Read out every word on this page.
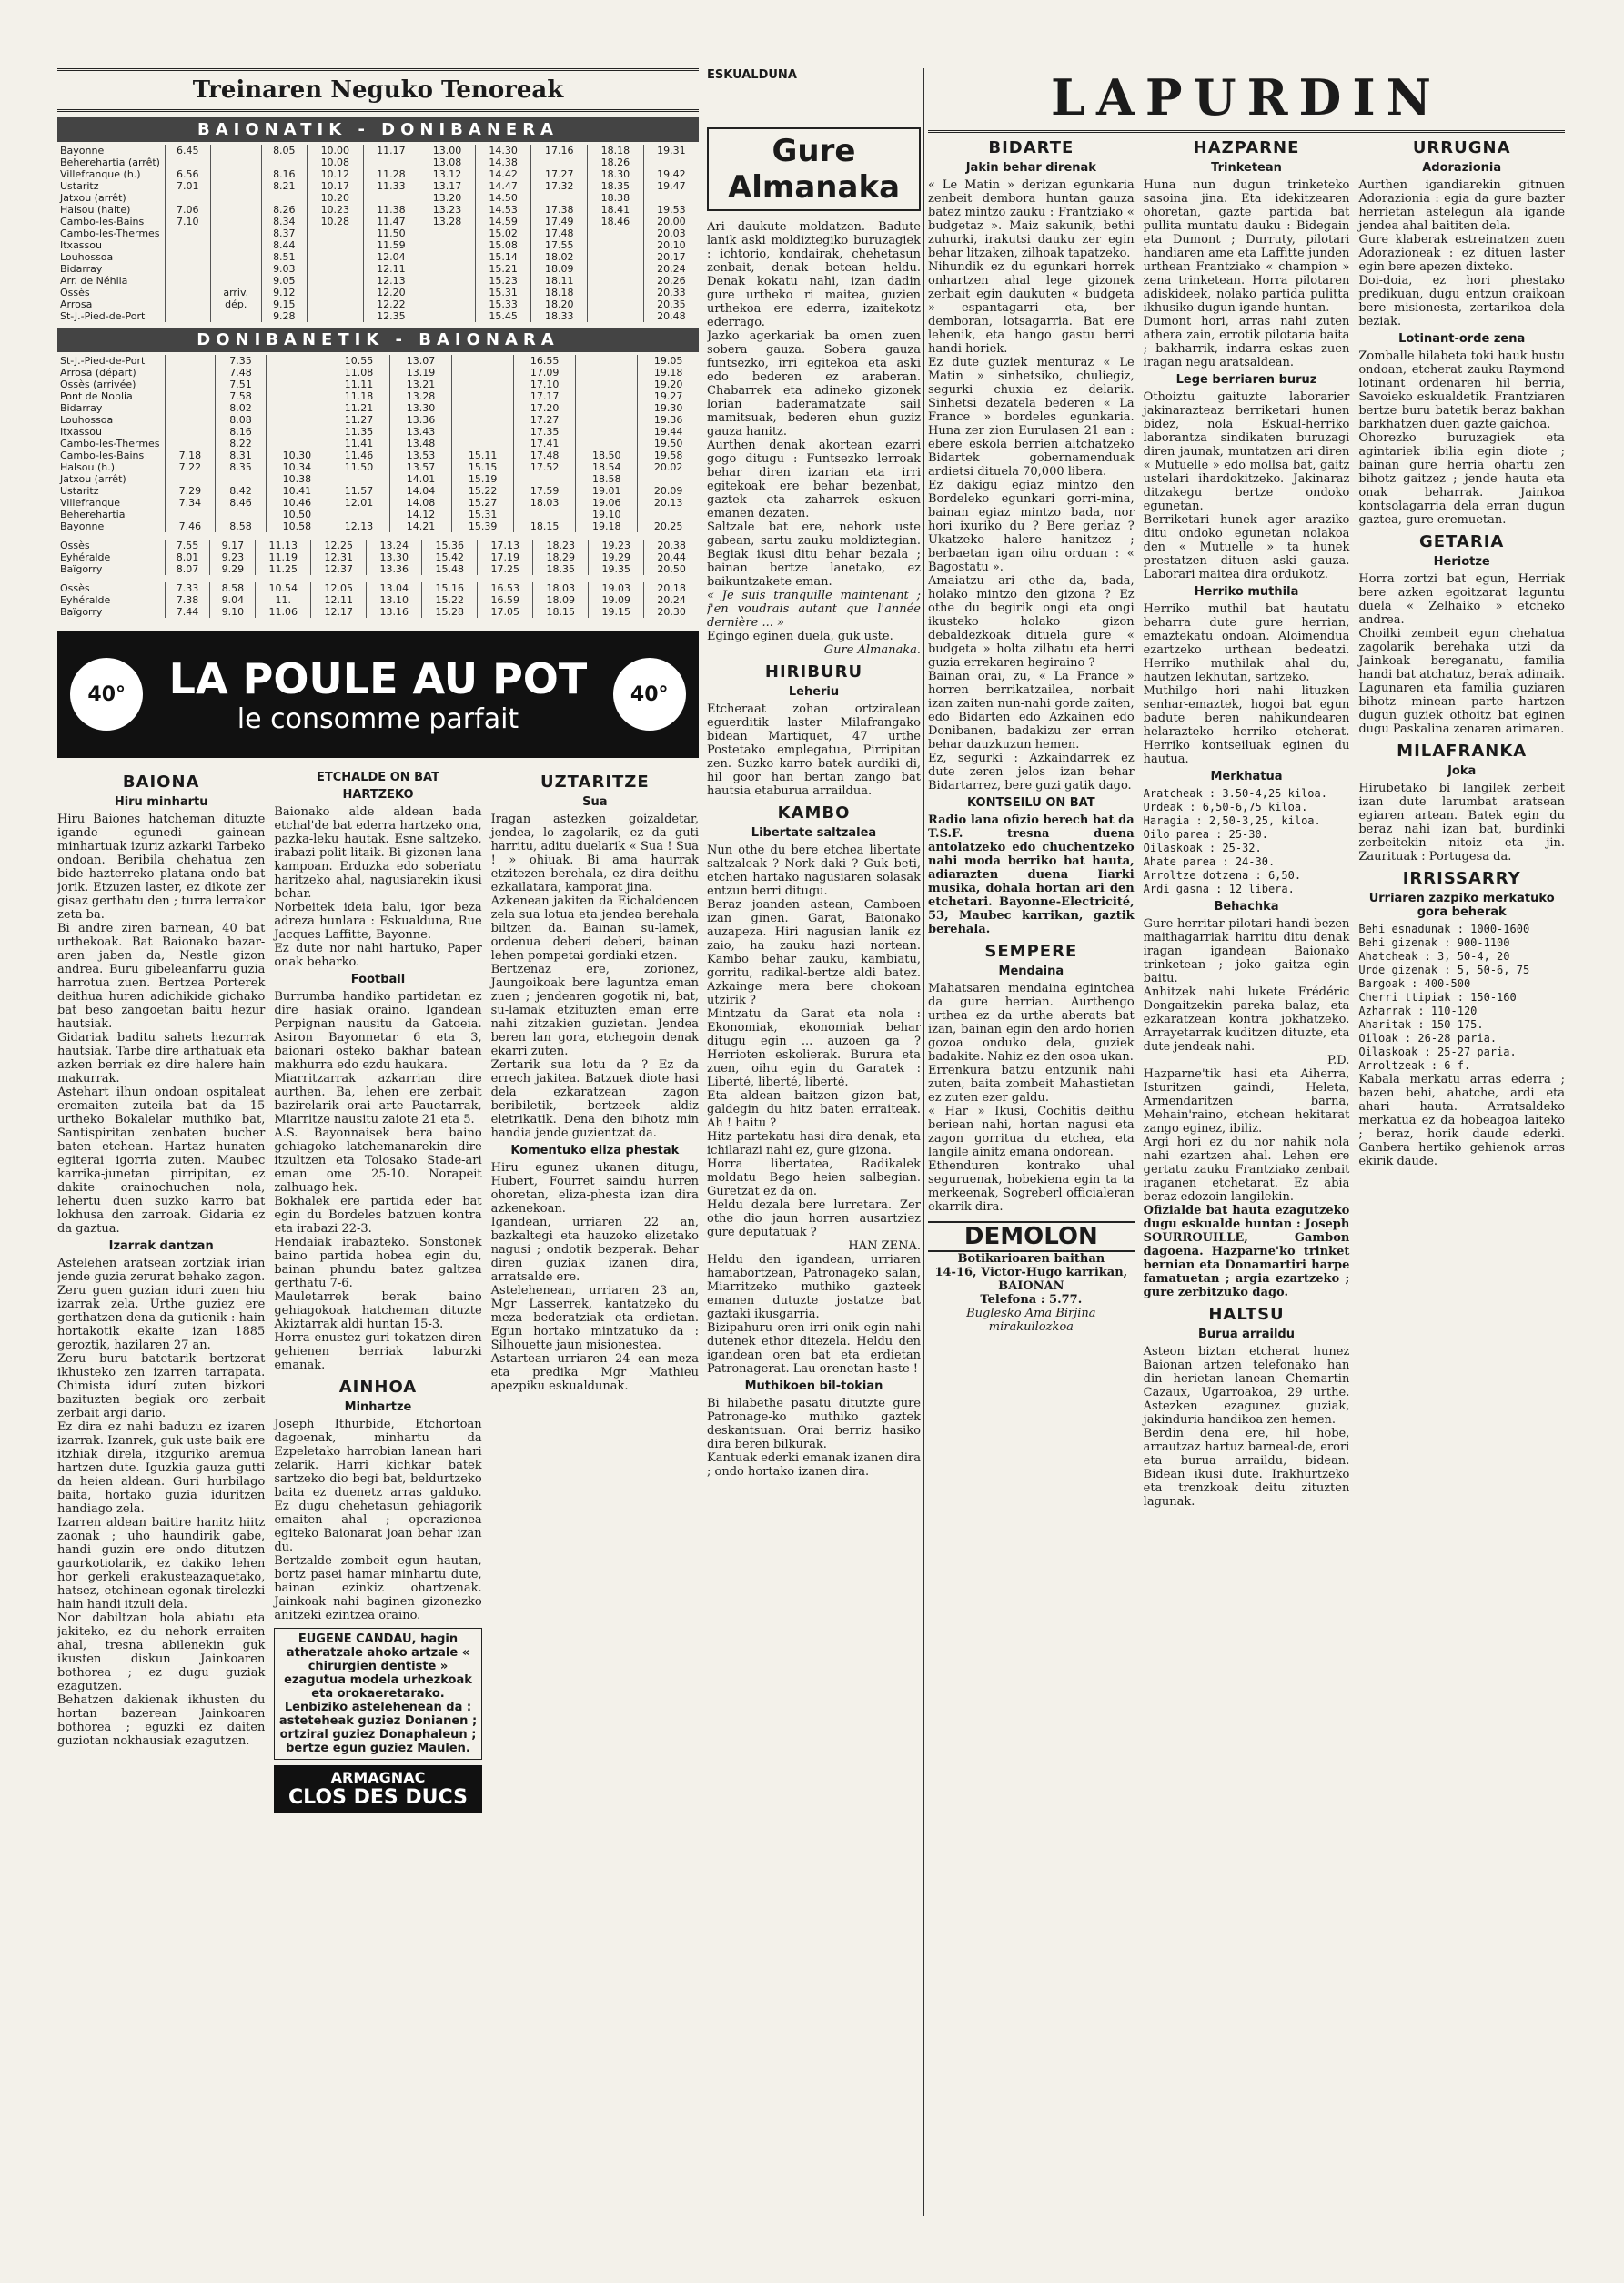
Treinaren Neguko Tenoreak
BAIONATIK - DONIBANERA
Bayonne	6.45		8.05	10.00	11.17	13.00	14.30	17.16	18.18	19.31
Beherehartia (arrêt)				10.08		13.08	14.38		18.26	
Villefranque (h.)	6.56		8.16	10.12	11.28	13.12	14.42	17.27	18.30	19.42
Ustaritz	7.01		8.21	10.17	11.33	13.17	14.47	17.32	18.35	19.47
Jatxou (arrêt)				10.20		13.20	14.50		18.38	
Halsou (halte)	7.06		8.26	10.23	11.38	13.23	14.53	17.38	18.41	19.53
Cambo-les-Bains	7.10		8.34	10.28	11.47	13.28	14.59	17.49	18.46	20.00
Cambo-les-Thermes			8.37		11.50		15.02	17.48		20.03
Itxassou			8.44		11.59		15.08	17.55		20.10
Louhossoa			8.51		12.04		15.14	18.02		20.17
Bidarray			9.03		12.11		15.21	18.09		20.24
Arr. de Néhlia			9.05		12.13		15.23	18.11		20.26
Ossès		arriv.	9.12		12.20		15.31	18.18		20.33
Arrosa		dép.	9.15		12.22		15.33	18.20		20.35
St-J.-Pied-de-Port			9.28		12.35		15.45	18.33		20.48
DONIBANETIK - BAIONARA
St-J.-Pied-de-Port		7.35		10.55	13.07		16.55		19.05
Arrosa (départ)		7.48		11.08	13.19		17.09		19.18
Ossès (arrivée)		7.51		11.11	13.21		17.10		19.20
Pont de Noblia		7.58		11.18	13.28		17.17		19.27
Bidarray		8.02		11.21	13.30		17.20		19.30
Louhossoa		8.08		11.27	13.36		17.27		19.36
Itxassou		8.16		11.35	13.43		17.35		19.44
Cambo-les-Thermes		8.22		11.41	13.48		17.41		19.50
Cambo-les-Bains	7.18	8.31	10.30	11.46	13.53	15.11	17.48	18.50	19.58
Halsou (h.)	7.22	8.35	10.34	11.50	13.57	15.15	17.52	18.54	20.02
Jatxou (arrêt)			10.38		14.01	15.19		18.58	
Ustaritz	7.29	8.42	10.41	11.57	14.04	15.22	17.59	19.01	20.09
Villefranque	7.34	8.46	10.46	12.01	14.08	15.27	18.03	19.06	20.13
Beherehartia			10.50		14.12	15.31		19.10	
Bayonne	7.46	8.58	10.58	12.13	14.21	15.39	18.15	19.18	20.25
Ossès	7.55	9.17	11.13	12.25	13.24	15.36	17.13	18.23	19.23	20.38
Eyhéralde	8.01	9.23	11.19	12.31	13.30	15.42	17.19	18.29	19.29	20.44
Baïgorry	8.07	9.29	11.25	12.37	13.36	15.48	17.25	18.35	19.35	20.50
Ossès	7.33	8.58	10.54	12.05	13.04	15.16	16.53	18.03	19.03	20.18
Eyhéralde	7.38	9.04	11.	12.11	13.10	15.22	16.59	18.09	19.09	20.24
Baïgorry	7.44	9.10	11.06	12.17	13.16	15.28	17.05	18.15	19.15	20.30
40°	LA POULE AU POT
le consomme parfait
40°
BAIONA
Hiru minhartu

Hiru Baiones hatcheman dituzte igande egunedi gainean minhartuak izuriz azkarki Tarbeko ondoan. Beribila chehatua zen bide hazterreko platana ondo bat jorik. Etzuzen laster, ez dikote zer gisaz gerthatu den ; turra lerrakor zeta ba.

Bi andre ziren barnean, 40 bat urthekoak. Bat Baionako bazar-aren jaben da, Nestle gizon andrea. Buru gibeleanfarru guzia harrotua zuen. Bertzea Porterek deithua huren adichikide gichako bat beso zangoetan baitu hezur hautsiak.

Gidariak baditu sahets hezurrak hautsiak. Tarbe dire arthatuak eta azken berriak ez dire halere hain makurrak.

Astehart ilhun ondoan ospitaleat eremaiten zuteila bat da 15 urtheko Bokalelar muthiko bat, Santispiritan zenbaten bucher baten etchean. Hartaz hunaten egiterai igorria zuten. Maubec karrika-junetan pirripitan, ez dakite orainochuchen nola, lehertu duen suzko karro bat lokhusa den zarroak. Gidaria ez da gaztua.

Izarrak dantzan

Astelehen aratsean zortziak irian jende guzia zerurat behako zagon. Zeru guen guzian iduri zuen hiu izarrak zela. Urthe guziez ere gerthatzen dena da gutienik : hain hortakotik ekaite izan 1885 geroztik, hazilaren 27 an.

Zeru buru batetarik bertzerat ikhusteko zen izarren tarrapata. Chimista idurí zuten bizkori bazituzten begiak oro zerbait zerbait argi dario.

Ez dira ez nahi baduzu ez izaren izarrak. Izanrek, guk uste baik ere itzhiak direla, itzguriko aremua hartzen dute. Iguzkia gauza gutti da heien aldean. Guri hurbilago baita, hortako guzia iduritzen handiago zela.

Izarren aldean baitire hanitz hiitz zaonak ; uho haundirik gabe, handi guzin ere ondo ditutzen gaurkotiolarik, ez dakiko lehen hor gerkeli erakusteazaquetako, hatsez, etchinean egonak tirelezki hain handi itzuli dela.

Nor dabiltzan hola abiatu eta jakiteko, ez du nehork erraiten ahal, tresna abilenekin guk ikusten diskun Jainkoaren bothorea ; ez dugu guziak ezagutzen.

Behatzen dakienak ikhusten du hortan bazerean Jainkoaren bothorea ; eguzki ez daiten guziotan nokhausiak ezagutzen.

ETCHALDE ON BAT
HARTZEKO

Baionako alde aldean bada etchal'de bat ederra hartzeko ona, pazka-leku hautak. Esne saltzeko, irabazi polit litaik. Bi gizonen lana kampoan. Erduzka edo soberiatu haritzeko ahal, nagusiarekin ikusi behar.

Norbeitek ideia balu, igor beza adreza hunlara : Eskualduna, Rue Jacques Laffitte, Bayonne.

Ez dute nor nahi hartuko, Paper onak beharko.

Football

Burrumba handiko partidetan ez dire hasiak oraino. Igandean Perpignan nausitu da Gatoeia. Asiron Bayonnetar 6 eta 3, baionari osteko bakhar batean makhurra edo ezdu haukara.

Miarritzarrak azkarrian dire aurthen. Ba, lehen ere zerbait bazirelarik orai arte Pauetarrak, Miarritze nausitu zaiote 21 eta 5.

A.S. Bayonnaisek bera baino gehiagoko latchemanarekin dire itzultzen eta Tolosako Stade-ari eman ome 25-10. Norapeit zalhuago hek.

Bokhalek ere partida eder bat egin du Bordeles batzuen kontra eta irabazi 22-3.

Hendaiak irabazteko. Sonstonek baino partida hobea egin du, bainan phundu batez galtzea gerthatu 7-6.

Mauletarrek berak baino gehiagokoak hatcheman dituzte Akiztarrak aldi huntan 15-3.

Horra enustez guri tokatzen diren gehienen berriak laburzki emanak.

AINHOA
Minhartze

Joseph Ithurbide, Etchortoan dagoenak, minhartu da Ezpeletako harrobian lanean hari zelarik. Harri kichkar batek sartzeko dio begi bat, beldurtzeko baita ez duenetz arras galduko. Ez dugu chehetasun gehiagorik emaiten ahal ; operazionea egiteko Baionarat joan behar izan du.

Bertzalde zombeit egun hautan, bortz pasei hamar minhartu dute, bainan ezinkiz ohartzenak. Jainkoak nahi baginen gizonezko anitzeki ezintzea oraino.

EUGENE CANDAU, hagin atheratzale ahoko artzale « chirurgien dentiste » ezagutua modela urhezkoak eta orokaeretarako. Lenbiziko astelehenean da : asteteheak guziez Donianen ; ortziral guziez Donaphaleun ; bertze egun guziez Maulen.
ARMAGNAC
CLOS DES DUCS
UZTARITZE
Sua

Iragan astezken goizaldetar, jendea, lo zagolarik, ez da guti harritu, aditu duelarik « Sua ! Sua ! » ohiuak. Bi ama haurrak etzitezen berehala, ez dira deithu ezkailatara, kamporat jina.

Azkenean jakiten da Eichaldencen zela sua lotua eta jendea berehala biltzen da. Bainan su-lamek, ordenua deberi deberi, bainan lehen pompetai gordiaki etzen.

Bertzenaz ere, zorionez, Jaungoikoak bere laguntza eman zuen ; jendearen gogotik ni, bat, su-lamak etzituzten eman erre nahi zitzakien guzietan. Jendea beren lan gora, etchegoin denak ekarri zuten.

Zertarik sua lotu da ? Ez da errech jakitea. Batzuek diote hasi dela ezkaratzean zagon beribiletik, bertzeek aldiz eletrikatik. Dena den bihotz min handia jende guzientzat da.

Komentuko eliza phestak

Hiru egunez ukanen ditugu, Hubert, Fourret saindu hurren ohoretan, eliza-phesta izan dira azkenekoan.

Igandean, urriaren 22 an, bazkaltegi eta hauzoko elizetako nagusi ; ondotik bezperak. Behar diren guziak izanen dira, arratsalde ere.

Astelehenean, urriaren 23 an, Mgr Lasserrek, kantatzeko du meza bederatziak eta erdietan. Egun hortako mintzatuko da : Silhouette jaun misionestea.

Astartean urriaren 24 ean meza eta predika Mgr Mathieu apezpiku eskualdunak.

ESKUALDUNA
Gure Almanaka

Ari daukute moldatzen. Badute lanik aski moldiztegiko buruzagiek : ichtorio, kondairak, chehetasun zenbait, denak betean heldu. Denak kokatu nahi, izan dadin gure urtheko ri maitea, guzien urthekoa ere ederra, izaitekotz ederrago.

Jazko agerkariak ba omen zuen sobera gauza. Sobera gauza funtsezko, irri egitekoa eta aski edo bederen ez araberan. Chabarrek eta adineko gizonek lorian baderamatzate sail mamitsuak, bederen ehun guziz gauza hanitz.

Aurthen denak akortean ezarri gogo ditugu : Funtsezko lerroak behar diren izarian eta irri egitekoak ere behar bezenbat, gaztek eta zaharrek eskuen emanen dezaten.

Saltzale bat ere, nehork uste gabean, sartu zauku moldiztegian. Begiak ikusi ditu behar bezala ; bainan bertze lanetako, ez baikuntzakete eman.

« Je suis tranquille maintenant ; j'en voudrais autant que l'année dernière ... »

Egingo eginen duela, guk uste.

Gure Almanaka.

HIRIBURU
Leheriu

Etcheraat zohan ortziralean eguerditik laster Milafrangako bidean Martiquet, 47 urthe Postetako emplegatua, Pirripitan zen. Suzko karro batek aurdiki di, hil goor han bertan zango bat hautsia etaburua arraildua.

KAMBO
Libertate saltzalea

Nun othe du bere etchea libertate saltzaleak ? Nork daki ? Guk beti, etchen hartako nagusiaren solasak entzun berri ditugu.

Beraz joanden astean, Camboen izan ginen. Garat, Baionako auzapeza. Hiri nagusian lanik ez zaio, ha zauku hazi nortean. Kambo behar zauku, kambiatu, gorritu, radikal-bertze aldi batez. Azkainge mera bere chokoan utzirik ?

Mintzatu da Garat eta nola : Ekonomiak, ekonomiak behar ditugu egin ... auzoen ga ? Herrioten eskolierak. Burura eta zuen, oihu egin du Garatek : Liberté, liberté, liberté.

Eta aldean baitzen gizon bat, galdegin du hitz baten erraiteak. Ah ! haitu ?

Hitz partekatu hasi dira denak, eta ichilarazi nahi ez, gure gizona.

Horra libertatea, Radikalek moldatu Bego heien salbegian. Guretzat ez da on.

Heldu dezala bere lurretara. Zer othe dio jaun horren ausartziez gure deputatuak ?

HAN ZENA.

Heldu den igandean, urriaren hamabortzean, Patronageko salan, Miarritzeko muthiko gazteek emanen dutuzte jostatze bat gaztaki ikusgarria.

Bizipahuru oren irri onik egin nahi dutenek ethor ditezela. Heldu den igandean oren bat eta erdietan Patronagerat. Lau orenetan haste !

Muthikoen bil-tokian

Bi hilabethe pasatu ditutzte gure Patronage-ko muthiko gaztek deskantsuan. Orai berriz hasiko dira beren bilkurak.

Kantuak ederki emanak izanen dira ; ondo hortako izanen dira.

LAPURDIN
BIDARTE
Jakin behar direnak

« Le Matin » derizan egunkaria zenbeit dembora huntan gauza batez mintzo zauku : Frantziako « budgetaz ». Maiz sakunik, bethi zuhurki, irakutsi dauku zer egin behar litzaken, zilhoak tapatzeko.

Nihundik ez du egunkari horrek onhartzen ahal lege gizonek zerbait egin daukuten « budgeta » espantagarri eta, ber demboran, lotsagarria. Bat ere lehenik, eta hango gastu berri handi horiek.

Ez dute guziek menturaz « Le Matin » sinhetsiko, chuliegiz, segurki chuxia ez delarik. Sinhetsi dezatela bederen « La France » bordeles egunkaria. Huna zer zion Eurulasen 21 ean : ebere eskola berrien altchatzeko Bidartek gobernamenduak ardietsi dituela 70,000 libera.

Ez dakigu egiaz mintzo den Bordeleko egunkari gorri-mina, bainan egiaz mintzo bada, nor hori ixuriko du ? Bere gerlaz ? Ukatzeko halere hanitzez ; berbaetan igan oihu orduan : « Bagostatu ».

Amaiatzu ari othe da, bada, holako mintzo den gizona ? Ez othe du begirik ongi eta ongi ikusteko holako gizon debaldezkoak dituela gure « budgeta » holta zilhatu eta herri guzia errekaren hegiraino ?

Bainan orai, zu, « La France » horren berrikatzailea, norbait izan zaiten nun-nahi gorde zaiten, edo Bidarten edo Azkainen edo Donibanen, badakizu zer erran behar dauzkuzun hemen.

Ez, segurki : Azkaindarrek ez dute zeren jelos izan behar Bidartarrez, bere guzi gatik dago.

KONTSEILU ON BAT

Radio lana ofizio berech bat da T.S.F. tresna duena antolatzeko edo chuchentzeko nahi moda berriko bat hauta, adiarazten duena Iiarki musika, dohala hortan ari den etchetari. Bayonne-Electricité, 53, Maubec karrikan, gaztik berehala.

SEMPERE
Mendaina

Mahatsaren mendaina egintchea da gure herrian. Aurthengo urthea ez da urthe aberats bat izan, bainan egin den ardo horien gozoa onduko dela, guziek badakite. Nahiz ez den osoa ukan.

Errenkura batzu entzunik nahi zuten, baita zombeit Mahastietan ez zuten ezer galdu.

« Har » Ikusi, Cochitis deithu beriean nahi, hortan nagusi eta zagon gorritua du etchea, eta langile ainitz emana ondorean.

Ethenduren kontrako uhal seguruenak, hobekiena egin ta ta merkeenak, Sogreberl officialeran ekarrik dira.

DEMOLON

Botikarioaren baithan

14-16, Victor-Hugo karrikan, BAIONAN

Telefona : 5.77.

Buglesko Ama Birjina mirakuilozkoa

HAZPARNE
Trinketean

Huna nun dugun trinketeko sasoina jina. Eta idekitzearen ohoretan, gazte partida bat pullita muntatu dauku : Bidegain eta Dumont ; Durruty, pilotari handiaren ame eta Laffitte junden urthean Frantziako « champion » zena trinketean. Horra pilotaren adiskideek, nolako partida pulitta ikhusiko dugun igande huntan.

Dumont hori, arras nahi zuten athera zain, errotik pilotaria baita ; bakharrik, indarra eskas zuen iragan negu aratsaldean.

Lege berriaren buruz

Othoiztu gaituzte laborarier jakinarazteaz berriketari hunen bidez, nola Eskual-herriko laborantza sindikaten buruzagi diren jaunak, muntatzen ari diren « Mutuelle » edo mollsa bat, gaitz ustelari ihardokitzeko. Jakinaraz ditzakegu bertze ondoko egunetan.

Berriketari hunek ager araziko ditu ondoko egunetan nolakoa den « Mutuelle » ta hunek prestatzen dituen aski gauza. Laborari maitea dira ordukotz.

Herriko muthila

Herriko muthil bat hautatu beharra dute gure herrian, emaztekatu ondoan. Aloimendua ezartzeko urthean bedeatzi. Herriko muthilak ahal du, hautzen lekhutan, sartzeko.

Muthilgo hori nahi lituzken senhar-emaztek, hogoi bat egun badute beren nahikundearen helarazteko herriko etcherat. Herriko kontseiluak eginen du hautua.

Merkhatua
Aratcheak : 3.50-4,25 kiloa.
Urdeak : 6,50-6,75 kiloa.
Haragia : 2,50-3,25, kiloa.
Oilo parea : 25-30.
Oilaskoak : 25-32.
Ahate parea : 24-30.
Arroltze dotzena : 6,50.
Ardi gasna : 12 libera.
Behachka

Gure herritar pilotari handi bezen maithagarriak harritu ditu denak iragan igandean Baionako trinketean ; joko gaitza egin baitu.

Anhitzek nahi lukete Frédéric Dongaitzekin pareka balaz, eta ezkaratzean kontra jokhatzeko. Arrayetarrak kuditzen dituzte, eta dute jendeak nahi.

P.D.

Hazparne'tik hasi eta Aiherra, Isturitzen gaindi, Heleta, Armendaritzen barna, Mehain'raino, etchean hekitarat zango eginez, ibiliz.

Argi hori ez du nor nahik nola nahi ezartzen ahal. Lehen ere gertatu zauku Frantziako zenbait iraganen etchetarat. Ez abia beraz edozoin langilekin.

Ofizialde bat hauta ezagutzeko dugu eskualde huntan : Joseph SOURROUILLE, Gambon dagoena. Hazparne'ko trinket bernian eta Donamartiri harpe famatuetan ; argia ezartzeko ; gure zerbitzuko dago.

HALTSU
Burua arraildu

Asteon biztan etcherat hunez Baionan artzen telefonako han din herietan lanean Chemartin Cazaux, Ugarroakoa, 29 urthe. Astezken ezagunez guziak, jakinduria handikoa zen hemen.

Berdin dena ere, hil hobe, arrautzaz hartuz barneal-de, erori eta burua arraildu, bidean. Bidean ikusi dute. Irakhurtzeko eta trenzkoak deitu zituzten lagunak.

URRUGNA
Adorazionia

Aurthen igandiarekin gitnuen Adorazionia : egia da gure bazter herrietan astelegun ala igande jendea ahal baititen dela.

Gure klaberak estreinatzen zuen Adorazioneak : ez dituen laster egin bere apezen dixteko.

Doi-doia, ez hori phestako predikuan, dugu entzun oraikoan bere misionesta, zertarikoa dela beziak.

Lotinant-orde zena

Zomballe hilabeta toki hauk hustu ondoan, etcherat zauku Raymond lotinant ordenaren hil berria, Savoieko eskualdetik. Frantziaren bertze buru batetik beraz bakhan barkhatzen duen gazte gaichoa.

Ohorezko buruzagiek eta agintariek ibilia egin diote ; bainan gure herria ohartu zen bihotz gaitzez ; jende hauta eta onak beharrak. Jainkoa kontsolagarria dela erran dugun gaztea, gure eremuetan.

GETARIA
Heriotze

Horra zortzi bat egun, Herriak bere azken egoitzarat laguntu duela « Zelhaiko » etcheko andrea.

Choilki zembeit egun chehatua zagolarik berehaka utzi da Jainkoak bereganatu, familia handi bat atchatuz, berak adinaik. Lagunaren eta familia guziaren bihotz minean parte hartzen dugun guziek othoitz bat eginen dugu Paskalina zenaren arimaren.

MILAFRANKA
Joka

Hirubetako bi langilek zerbeit izan dute larumbat aratsean egiaren artean. Batek egin du beraz nahi izan bat, burdinki zerbeitekin nitoiz eta jin. Zaurituak : Portugesa da.

IRRISSARRY
Urriaren zazpiko merkatuko gora beherak
Behi esnadunak : 1000-1600
Behi gizenak : 900-1100
Ahatcheak : 3, 50-4, 20
Urde gizenak : 5, 50-6, 75
Bargoak : 400-500
Cherri ttipiak : 150-160
Azharrak : 110-120
Aharitak : 150-175.
Oiloak : 26-28 paria.
Oilaskoak : 25-27 paria.
Arroltzeak : 6 f.

Kabala merkatu arras ederra ; bazen behi, ahatche, ardi eta ahari hauta. Arratsaldeko merkatua ez da hobeagoa laiteko ; beraz, horik daude ederki. Ganbera hertiko gehienok arras ekirik daude.
